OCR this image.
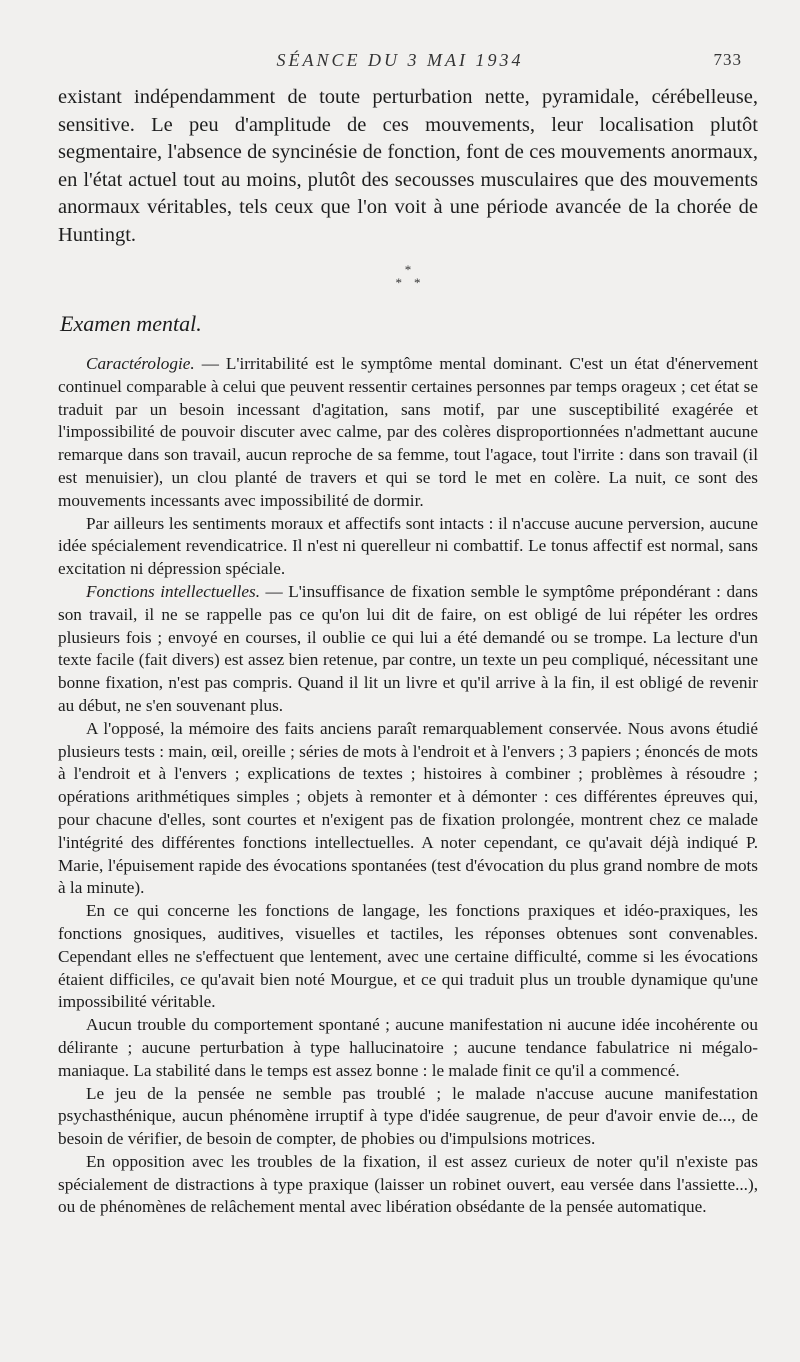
SÉANCE DU 3 MAI 1934	733

existant indépendamment de toute perturbation nette, pyramidale, cérébelleuse, sensitive. Le peu d'amplitude de ces mouvements, leur localisation plutôt segmentaire, l'absence de syncinésie de fonction, font de ces mouvements anormaux, en l'état actuel tout au moins, plutôt des secousses musculaires que des mouvements anormaux véritables, tels ceux que l'on voit à une période avancée de la chorée de Huntingt.

*
**
Examen mental.

Caractérologie. — L'irritabilité est le symptôme mental dominant. C'est un état d'énervement continuel comparable à celui que peuvent ressentir certaines personnes par temps orageux ; cet état se traduit par un besoin incessant d'agitation, sans motif, par une susceptibilité exagérée et l'impossibilité de pouvoir discuter avec calme, par des colères disproportionnées n'admettant aucune remarque dans son travail, aucun reproche de sa femme, tout l'agace, tout l'irrite : dans son travail (il est menuisier), un clou planté de travers et qui se tord le met en colère. La nuit, ce sont des mouvements incessants avec impossibilité de dormir.

Par ailleurs les sentiments moraux et affectifs sont intacts : il n'accuse aucune perversion, aucune idée spécialement revendicatrice. Il n'est ni querelleur ni combattif. Le tonus affectif est normal, sans excitation ni dépression spéciale.

Fonctions intellectuelles. — L'insuffisance de fixation semble le symptôme prépondérant : dans son travail, il ne se rappelle pas ce qu'on lui dit de faire, on est obligé de lui répéter les ordres plusieurs fois ; envoyé en courses, il oublie ce qui lui a été demandé ou se trompe. La lecture d'un texte facile (fait divers) est assez bien retenue, par contre, un texte un peu compliqué, nécessitant une bonne fixation, n'est pas compris. Quand il lit un livre et qu'il arrive à la fin, il est obligé de revenir au début, ne s'en souvenant plus.

A l'opposé, la mémoire des faits anciens paraît remarquablement conservée. Nous avons étudié plusieurs tests : main, œil, oreille ; séries de mots à l'endroit et à l'envers ; 3 papiers ; énoncés de mots à l'endroit et à l'envers ; explications de textes ; histoires à combiner ; problèmes à résoudre ; opérations arithmétiques simples ; objets à remonter et à démonter : ces différentes épreuves qui, pour chacune d'elles, sont courtes et n'exigent pas de fixation prolongée, montrent chez ce malade l'intégrité des différentes fonctions intellectuelles. A noter cependant, ce qu'avait déjà indiqué P. Marie, l'épuisement rapide des évocations spontanées (test d'évocation du plus grand nombre de mots à la minute).

En ce qui concerne les fonctions de langage, les fonctions praxiques et idéo-praxiques, les fonctions gnosiques, auditives, visuelles et tactiles, les réponses obtenues sont convenables. Cependant elles ne s'effectuent que lentement, avec une certaine difficulté, comme si les évocations étaient difficiles, ce qu'avait bien noté Mourgue, et ce qui traduit plus un trouble dynamique qu'une impossibilité véritable.

Aucun trouble du comportement spontané ; aucune manifestation ni aucune idée incohérente ou délirante ; aucune perturbation à type hallucinatoire ; aucune tendance fabulatrice ni mégalo-maniaque. La stabilité dans le temps est assez bonne : le malade finit ce qu'il a commencé.

Le jeu de la pensée ne semble pas troublé ; le malade n'accuse aucune manifestation psychasthénique, aucun phénomène irruptif à type d'idée saugrenue, de peur d'avoir envie de..., de besoin de vérifier, de besoin de compter, de phobies ou d'impulsions motrices.

En opposition avec les troubles de la fixation, il est assez curieux de noter qu'il n'existe pas spécialement de distractions à type praxique (laisser un robinet ouvert, eau versée dans l'assiette...), ou de phénomènes de relâchement mental avec libération obsédante de la pensée automatique.
